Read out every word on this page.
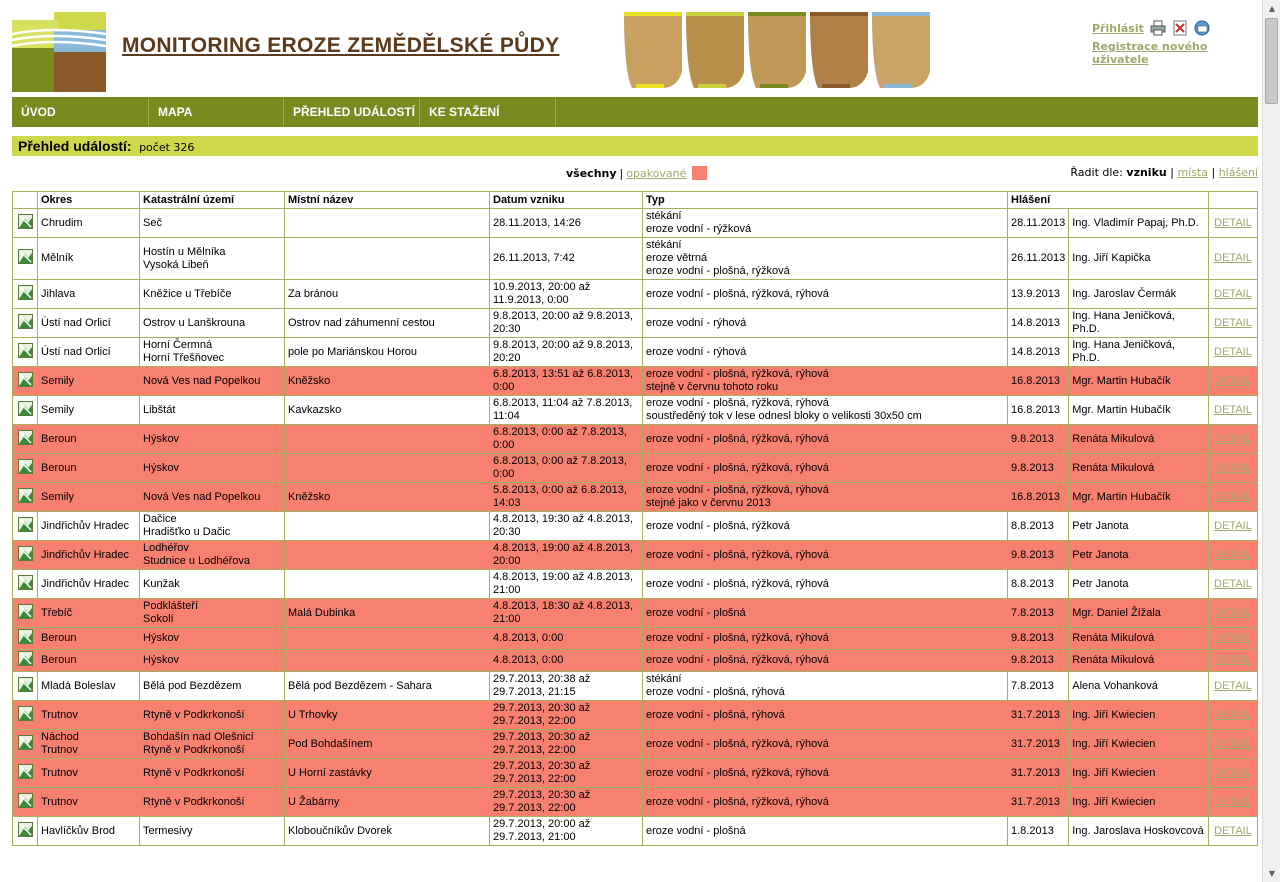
MONITORING EROZE ZEMĚDĚLSKÉ PŮDY
Přihlásit
Registrace nového uživatele
ÚVOD	MAPA	PŘEHLED UDÁLOSTÍ	KE STAŽENÍ
Přehled událostí: počet 326
všechny | opakované	Řadit dle: vzniku | místa | hlášení
	Okres	Katastrální území	Místní název	Datum vzniku	Typ	Hlášení		
	Chrudim	Seč		28.11.2013, 14:26	stékání
eroze vodní - rýžková	28.11.2013	Ing. Vladimír Papaj, Ph.D.	DETAIL
	Mělník	Hostín u Mělníka
Vysoká Libeň		26.11.2013, 7:42	stékání
eroze větrná
eroze vodní - plošná, rýžková	26.11.2013	Ing. Jiří Kapička	DETAIL
	Jihlava	Kněžice u Třebíče	Za bránou	10.9.2013, 20:00 až
11.9.2013, 0:00	eroze vodní - plošná, rýžková, rýhová	13.9.2013	Ing. Jaroslav Čermák	DETAIL
	Ústí nad Orlicí	Ostrov u Lanškrouna	Ostrov nad záhumenní cestou	9.8.2013, 20:00 až 9.8.2013,
20:30	eroze vodní - rýhová	14.8.2013	Ing. Hana Jeničková, Ph.D.	DETAIL
	Ústí nad Orlicí	Horní Čermná
Horní Třešňovec	pole po Mariánskou Horou	9.8.2013, 20:00 až 9.8.2013,
20:20	eroze vodní - rýhová	14.8.2013	Ing. Hana Jeničková, Ph.D.	DETAIL
	Semily	Nová Ves nad Popelkou	Kněžsko	6.8.2013, 13:51 až 6.8.2013,
0:00	eroze vodní - plošná, rýžková, rýhová
stejně v červnu tohoto roku	16.8.2013	Mgr. Martin Hubačík	DETAIL
	Semily	Libštát	Kavkazsko	6.8.2013, 11:04 až 7.8.2013,
11:04	eroze vodní - plošná, rýžková, rýhová
soustředěný tok v lese odnesl bloky o velikosti 30x50 cm	16.8.2013	Mgr. Martin Hubačík	DETAIL
	Beroun	Hýskov		6.8.2013, 0:00 až 7.8.2013,
0:00	eroze vodní - plošná, rýžková, rýhová	9.8.2013	Renáta Mikulová	DETAIL
	Beroun	Hýskov		6.8.2013, 0:00 až 7.8.2013,
0:00	eroze vodní - plošná, rýžková, rýhová	9.8.2013	Renáta Mikulová	DETAIL
	Semily	Nová Ves nad Popelkou	Kněžsko	5.8.2013, 0:00 až 6.8.2013,
14:03	eroze vodní - plošná, rýžková, rýhová
stejné jako v červnu 2013	16.8.2013	Mgr. Martin Hubačík	DETAIL
	Jindřichův Hradec	Dačice
Hradišťko u Dačic		4.8.2013, 19:30 až 4.8.2013,
20:30	eroze vodní - plošná, rýžková	8.8.2013	Petr Janota	DETAIL
	Jindřichův Hradec	Lodhéřov
Studnice u Lodhéřova		4.8.2013, 19:00 až 4.8.2013,
20:00	eroze vodní - plošná, rýžková, rýhová	9.8.2013	Petr Janota	DETAIL
	Jindřichův Hradec	Kunžak		4.8.2013, 19:00 až 4.8.2013,
21:00	eroze vodní - plošná, rýžková, rýhová	8.8.2013	Petr Janota	DETAIL
	Třebíč	Podklášteří
Sokolí	Malá Dubinka	4.8.2013, 18:30 až 4.8.2013,
21:00	eroze vodní - plošná	7.8.2013	Mgr. Daniel Žížala	DETAIL
	Beroun	Hýskov		4.8.2013, 0:00	eroze vodní - plošná, rýžková, rýhová	9.8.2013	Renáta Mikulová	DETAIL
	Beroun	Hýskov		4.8.2013, 0:00	eroze vodní - plošná, rýžková, rýhová	9.8.2013	Renáta Mikulová	DETAIL
	Mladá Boleslav	Bělá pod Bezdězem	Bělá pod Bezdězem - Sahara	29.7.2013, 20:38 až
29.7.2013, 21:15	stékání
eroze vodní - plošná, rýhová	7.8.2013	Alena Vohanková	DETAIL
	Trutnov	Rtyně v Podkrkonoší	U Trhovky	29.7.2013, 20:30 až
29.7.2013, 22:00	eroze vodní - plošná, rýhová	31.7.2013	Ing. Jiří Kwiecien	DETAIL
	Náchod
Trutnov	Bohdašín nad Olešnicí
Rtyně v Podkrkonoší	Pod Bohdašínem	29.7.2013, 20:30 až
29.7.2013, 22:00	eroze vodní - plošná, rýžková, rýhová	31.7.2013	Ing. Jiří Kwiecien	DETAIL
	Trutnov	Rtyně v Podkrkonoší	U Horní zastávky	29.7.2013, 20:30 až
29.7.2013, 22:00	eroze vodní - plošná, rýžková, rýhová	31.7.2013	Ing. Jiří Kwiecien	DETAIL
	Trutnov	Rtyně v Podkrkonoší	U Žabárny	29.7.2013, 20:30 až
29.7.2013, 22:00	eroze vodní - plošná, rýžková, rýhová	31.7.2013	Ing. Jiří Kwiecien	DETAIL
	Havlíčkův Brod	Termesivy	Kloboučníkův Dvorek	29.7.2013, 20:00 až
29.7.2013, 21:00	eroze vodní - plošná	1.8.2013	Ing. Jaroslava Hoskovcová	DETAIL
▲
▼
